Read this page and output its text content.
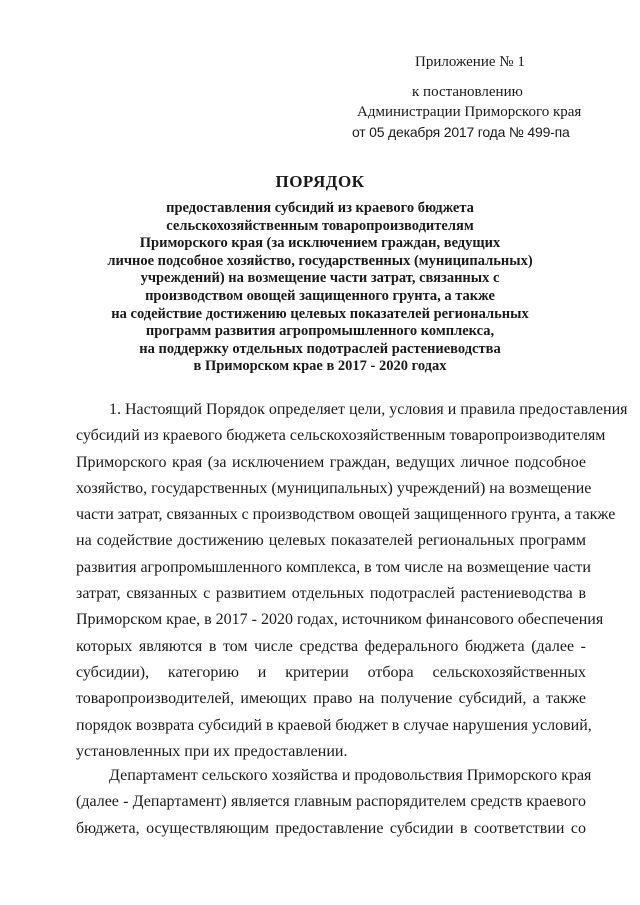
Приложение № 1
к постановлению
Администрации Приморского края
от 05 декабря 2017 года № 499-па
ПОРЯДОК
предоставления субсидий из краевого бюджета
сельскохозяйственным товаропроизводителям
Приморского края (за исключением граждан, ведущих
личное подсобное хозяйство, государственных (муниципальных)
учреждений) на возмещение части затрат, связанных с
производством овощей защищенного грунта, а также
на содействие достижению целевых показателей региональных
программ развития агропромышленного комплекса,
на поддержку отдельных подотраслей растениеводства
в Приморском крае в 2017 - 2020 годах
1. Настоящий Порядок определяет цели, условия и правила предоставления
субсидий из краевого бюджета сельскохозяйственным товаропроизводителям
Приморского края (за исключением граждан, ведущих личное подсобное
хозяйство, государственных (муниципальных) учреждений) на возмещение
части затрат, связанных с производством овощей защищенного грунта, а также
на содействие достижению целевых показателей региональных программ
развития агропромышленного комплекса, в том числе на возмещение части
затрат, связанных с развитием отдельных подотраслей растениеводства в
Приморском крае, в 2017 - 2020 годах, источником финансового обеспечения
которых являются в том числе средства федерального бюджета (далее -
субсидии), категорию и критерии отбора сельскохозяйственных
товаропроизводителей, имеющих право на получение субсидий, а также
порядок возврата субсидий в краевой бюджет в случае нарушения условий,
установленных при их предоставлении.
Департамент сельского хозяйства и продовольствия Приморского края
(далее - Департамент) является главным распорядителем средств краевого
бюджета, осуществляющим предоставление субсидии в соответствии со
